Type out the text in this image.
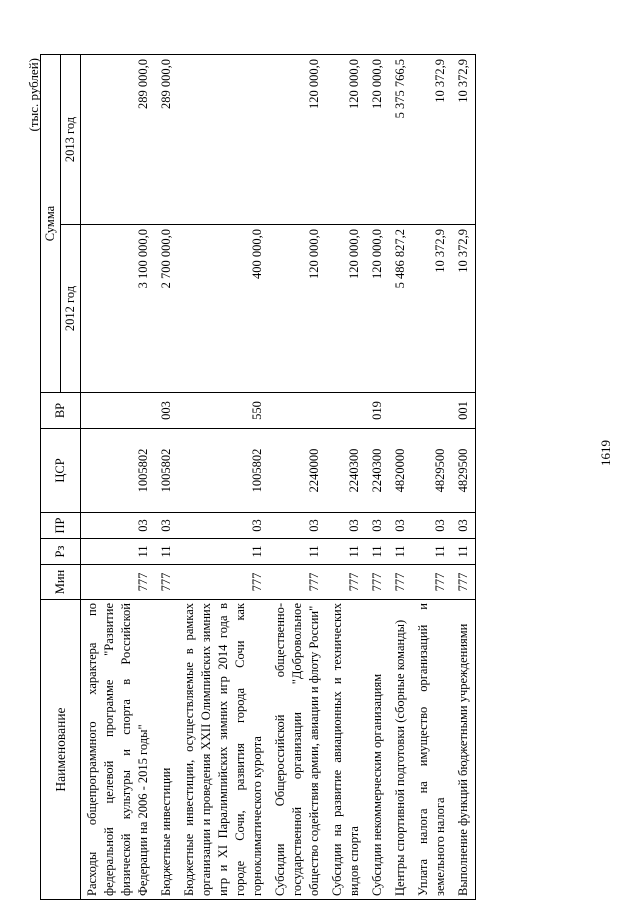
1619
(тыс. рублей)
Наименование	Мин	Рз	ПР	ЦСР	ВР	Сумма	
						2012 год	2013 год
Расходы общепрограммного характера по федеральной целевой программе "Развитие физической культуры и спорта в Российской Федерации на 2006 - 2015 годы"	777	11	03	1005802		3 100 000,0	289 000,0
Бюджетные инвестиции	777	11	03	1005802	003	2 700 000,0	289 000,0
Бюджетные инвестиции, осуществляемые в рамках организации и проведения XXII Олимпийских зимних игр и XI Паралимпийских зимних игр 2014 года в городе Сочи, развития города Сочи как горноклиматического курорта	777	11	03	1005802	550	400 000,0	
Субсидии Общероссийской общественно-государственной организации "Добровольное общество содействия армии, авиации и флоту России"	777	11	03	2240000		120 000,0	120 000,0
Субсидии на развитие авиационных и технических видов спорта	777	11	03	2240300		120 000,0	120 000,0
Субсидии некоммерческим организациям	777	11	03	2240300	019	120 000,0	120 000,0
Центры спортивной подготовки (сборные команды)	777	11	03	4820000		5 486 827,2	5 375 766,5
Уплата налога на имущество организаций и земельного налога	777	11	03	4829500		10 372,9	10 372,9
Выполнение функций бюджетными учреждениями	777	11	03	4829500	001	10 372,9	10 372,9
